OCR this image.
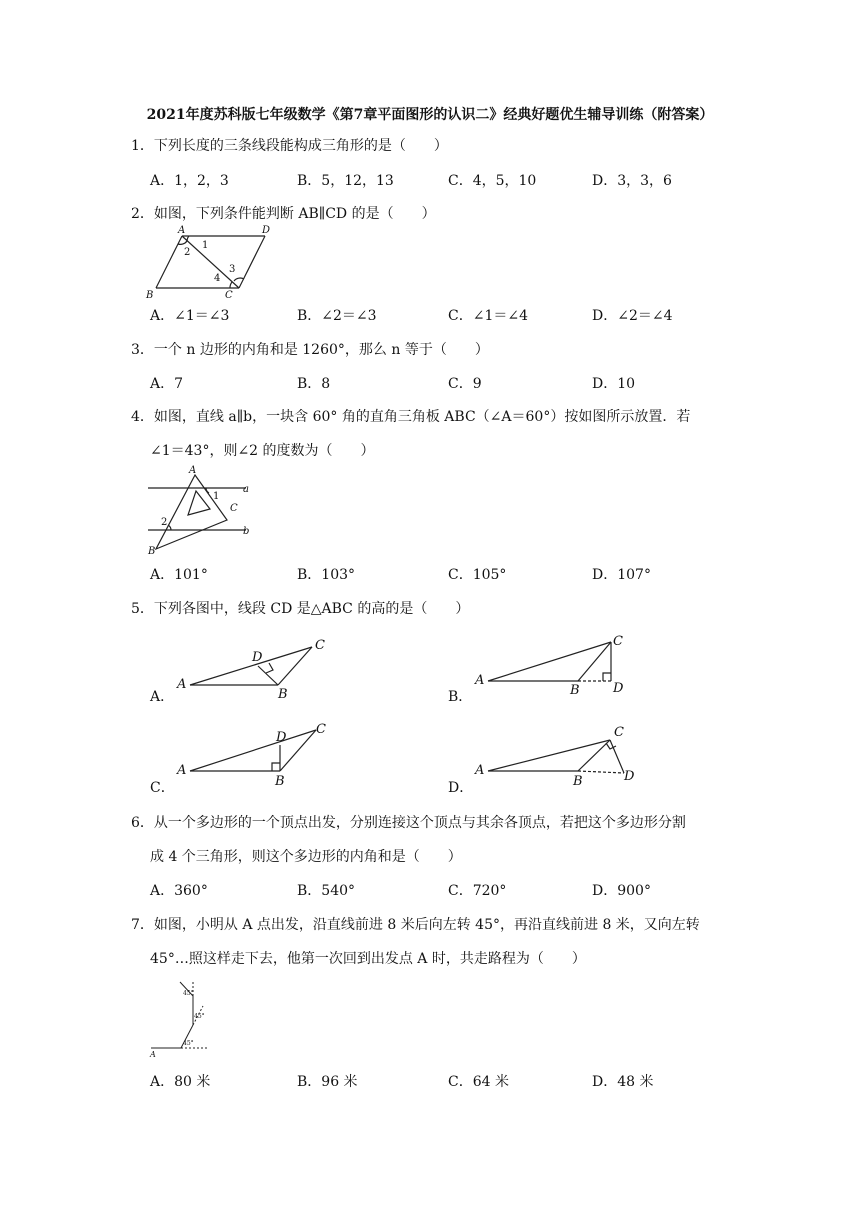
2021年度苏科版七年级数学《第7章平面图形的认识二》经典好题优生辅导训练（附答案）
1．下列长度的三条线段能构成三角形的是（　　）
A．1，2，3	B．5，12，13	C．4，5，10	D．3，3，6
2．如图，下列条件能判断 AB∥CD 的是（　　）
A	D
B	C
1
2
3
4
A．∠1＝∠3	B．∠2＝∠3	C．∠1＝∠4	D．∠2＝∠4
3．一个 n 边形的内角和是 1260°，那么 n 等于（　　）
A．7	B．8	C．9	D．10
4．如图，直线 a∥b，一块含 60° 角的直角三角板 ABC（∠A＝60°）按如图所示放置．若
∠1＝43°，则∠2 的度数为（　　）
A
a
C
b
B
1
2
A．101°	B．103°	C．105°	D．107°
5．下列各图中，线段 CD 是△ABC 的高的是（　　）
A．
A
B
C
D
B．
A
B
C
D
C．
A
B
C
D
D．
A
B
C
D
6．从一个多边形的一个顶点出发，分别连接这个顶点与其余各顶点，若把这个多边形分割
成 4 个三角形，则这个多边形的内角和是（　　）
A．360°	B．540°	C．720°	D．900°
7．如图，小明从 A 点出发，沿直线前进 8 米后向左转 45°，再沿直线前进 8 米，又向左转
45°…照这样走下去，他第一次回到出发点 A 时，共走路程为（　　）
45°
45°
45°
A
A．80 米	B．96 米	C．64 米	D．48 米
